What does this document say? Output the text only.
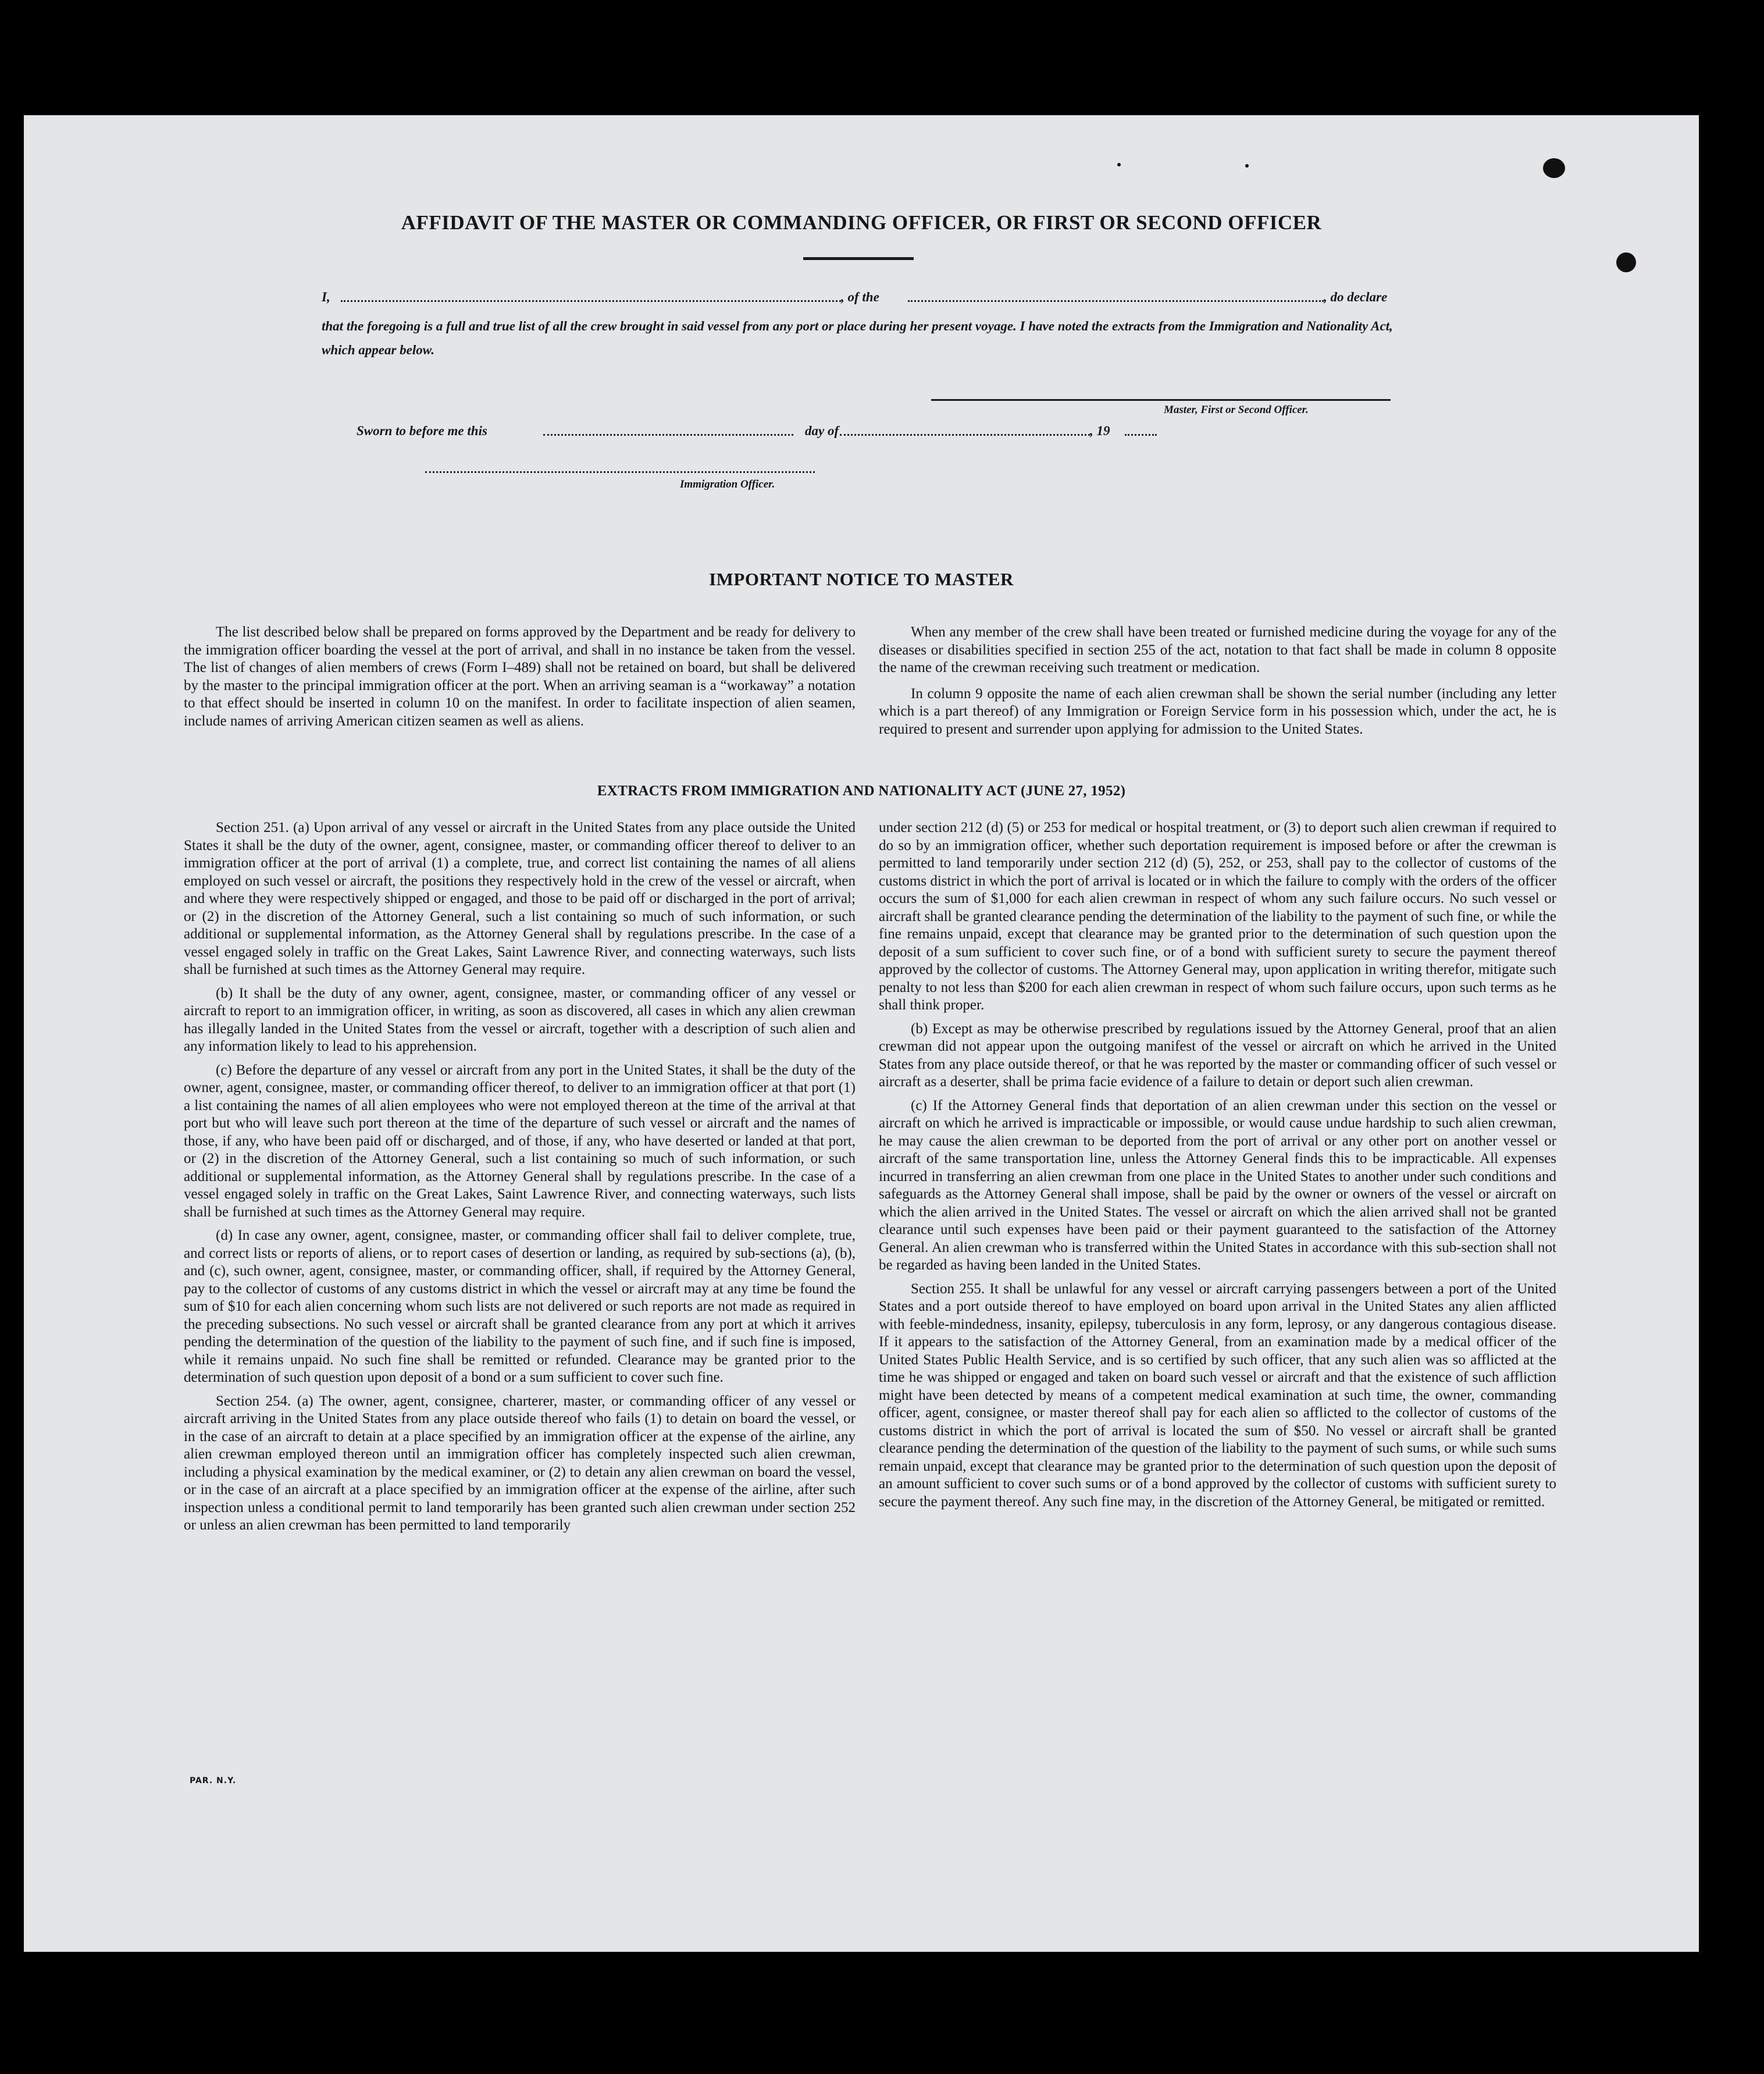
AFFIDAVIT OF THE MASTER OR COMMANDING OFFICER, OR FIRST OR SECOND OFFICER
I,	, of the	, do declare
that the foregoing is a full and true list of all the crew brought in said vessel from any port or place during her present voyage. I have noted the extracts from the Immigration and Nationality Act, which appear below.
Master, First or Second Officer.
Sworn to before me this	day of	, 19
Immigration Officer.
IMPORTANT NOTICE TO MASTER

The list described below shall be prepared on forms approved by the Department and be ready for delivery to the immigration officer boarding the vessel at the port of arrival, and shall in no instance be taken from the vessel. The list of changes of alien members of crews (Form I–489) shall not be retained on board, but shall be delivered by the master to the principal immigration officer at the port. When an arriving seaman is a “workaway” a notation to that effect should be inserted in column 10 on the manifest. In order to facilitate inspection of alien seamen, include names of arriving American citizen seamen as well as aliens.

When any member of the crew shall have been treated or furnished medicine during the voyage for any of the diseases or disabilities specified in section 255 of the act, notation to that fact shall be made in column 8 opposite the name of the crewman receiving such treatment or medication.

In column 9 opposite the name of each alien crewman shall be shown the serial number (including any letter which is a part thereof) of any Immigration or Foreign Service form in his possession which, under the act, he is required to present and surrender upon applying for admission to the United States.

EXTRACTS FROM IMMIGRATION AND NATIONALITY ACT (JUNE 27, 1952)

Section 251. (a) Upon arrival of any vessel or aircraft in the United States from any place outside the United States it shall be the duty of the owner, agent, consignee, master, or commanding officer thereof to deliver to an immigration officer at the port of arrival (1) a complete, true, and correct list containing the names of all aliens employed on such vessel or aircraft, the positions they respectively hold in the crew of the vessel or aircraft, when and where they were respectively shipped or engaged, and those to be paid off or discharged in the port of arrival; or (2) in the discretion of the Attorney General, such a list containing so much of such information, or such additional or supplemental information, as the Attorney General shall by regulations prescribe. In the case of a vessel engaged solely in traffic on the Great Lakes, Saint Lawrence River, and connecting waterways, such lists shall be furnished at such times as the Attorney General may require.

(b) It shall be the duty of any owner, agent, consignee, master, or commanding officer of any vessel or aircraft to report to an immigration officer, in writing, as soon as discovered, all cases in which any alien crewman has illegally landed in the United States from the vessel or aircraft, together with a description of such alien and any information likely to lead to his apprehension.

(c) Before the departure of any vessel or aircraft from any port in the United States, it shall be the duty of the owner, agent, consignee, master, or commanding officer thereof, to deliver to an immigration officer at that port (1) a list containing the names of all alien employees who were not employed thereon at the time of the arrival at that port but who will leave such port thereon at the time of the departure of such vessel or aircraft and the names of those, if any, who have been paid off or discharged, and of those, if any, who have deserted or landed at that port, or (2) in the discretion of the Attorney General, such a list containing so much of such information, or such additional or supplemental information, as the Attorney General shall by regulations prescribe. In the case of a vessel engaged solely in traffic on the Great Lakes, Saint Lawrence River, and connecting waterways, such lists shall be furnished at such times as the Attorney General may require.

(d) In case any owner, agent, consignee, master, or commanding officer shall fail to deliver complete, true, and correct lists or reports of aliens, or to report cases of desertion or landing, as required by sub-sections (a), (b), and (c), such owner, agent, consignee, master, or commanding officer, shall, if required by the Attorney General, pay to the collector of customs of any customs district in which the vessel or aircraft may at any time be found the sum of $10 for each alien concerning whom such lists are not delivered or such reports are not made as required in the preceding subsections. No such vessel or aircraft shall be granted clearance from any port at which it arrives pending the determination of the question of the liability to the payment of such fine, and if such fine is imposed, while it remains unpaid. No such fine shall be remitted or refunded. Clearance may be granted prior to the determination of such question upon deposit of a bond or a sum sufficient to cover such fine.

Section 254. (a) The owner, agent, consignee, charterer, master, or commanding officer of any vessel or aircraft arriving in the United States from any place outside thereof who fails (1) to detain on board the vessel, or in the case of an aircraft to detain at a place specified by an immigration officer at the expense of the airline, any alien crewman employed thereon until an immigration officer has completely inspected such alien crewman, including a physical examination by the medical examiner, or (2) to detain any alien crewman on board the vessel, or in the case of an aircraft at a place specified by an immigration officer at the expense of the airline, after such inspection unless a conditional permit to land temporarily has been granted such alien crewman under section 252 or unless an alien crewman has been permitted to land temporarily

under section 212 (d) (5) or 253 for medical or hospital treatment, or (3) to deport such alien crewman if required to do so by an immigration officer, whether such deportation requirement is imposed before or after the crewman is permitted to land temporarily under section 212 (d) (5), 252, or 253, shall pay to the collector of customs of the customs district in which the port of arrival is located or in which the failure to comply with the orders of the officer occurs the sum of $1,000 for each alien crewman in respect of whom any such failure occurs. No such vessel or aircraft shall be granted clearance pending the determination of the liability to the payment of such fine, or while the fine remains unpaid, except that clearance may be granted prior to the determination of such question upon the deposit of a sum sufficient to cover such fine, or of a bond with sufficient surety to secure the payment thereof approved by the collector of customs. The Attorney General may, upon application in writing therefor, mitigate such penalty to not less than $200 for each alien crewman in respect of whom such failure occurs, upon such terms as he shall think proper.

(b) Except as may be otherwise prescribed by regulations issued by the Attorney General, proof that an alien crewman did not appear upon the outgoing manifest of the vessel or aircraft on which he arrived in the United States from any place outside thereof, or that he was reported by the master or commanding officer of such vessel or aircraft as a deserter, shall be prima facie evidence of a failure to detain or deport such alien crewman.

(c) If the Attorney General finds that deportation of an alien crewman under this section on the vessel or aircraft on which he arrived is impracticable or impossible, or would cause undue hardship to such alien crewman, he may cause the alien crewman to be deported from the port of arrival or any other port on another vessel or aircraft of the same transportation line, unless the Attorney General finds this to be impracticable. All expenses incurred in transferring an alien crewman from one place in the United States to another under such conditions and safeguards as the Attorney General shall impose, shall be paid by the owner or owners of the vessel or aircraft on which the alien arrived in the United States. The vessel or aircraft on which the alien arrived shall not be granted clearance until such expenses have been paid or their payment guaranteed to the satisfaction of the Attorney General. An alien crewman who is transferred within the United States in accordance with this sub-section shall not be regarded as having been landed in the United States.

Section 255. It shall be unlawful for any vessel or aircraft carrying passengers between a port of the United States and a port outside thereof to have employed on board upon arrival in the United States any alien afflicted with feeble-mindedness, insanity, epilepsy, tuberculosis in any form, leprosy, or any dangerous contagious disease. If it appears to the satisfaction of the Attorney General, from an examination made by a medical officer of the United States Public Health Service, and is so certified by such officer, that any such alien was so afflicted at the time he was shipped or engaged and taken on board such vessel or aircraft and that the existence of such affliction might have been detected by means of a competent medical examination at such time, the owner, commanding officer, agent, consignee, or master thereof shall pay for each alien so afflicted to the collector of customs of the customs district in which the port of arrival is located the sum of $50. No vessel or aircraft shall be granted clearance pending the determination of the question of the liability to the payment of such sums, or while such sums remain unpaid, except that clearance may be granted prior to the determination of such question upon the deposit of an amount sufficient to cover such sums or of a bond approved by the collector of customs with sufficient surety to secure the payment thereof. Any such fine may, in the discretion of the Attorney General, be mitigated or remitted.

PAR. N.Y.
